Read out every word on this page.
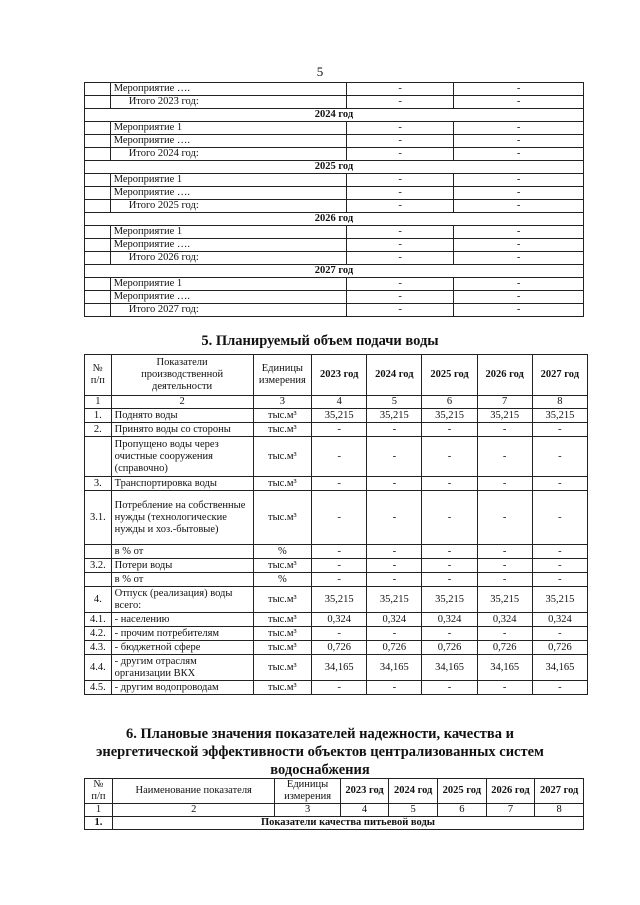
5
	Мероприятие ….	-	-
	Итого 2023 год:	-	-
2024 год			
	Мероприятие 1	-	-
	Мероприятие ….	-	-
	Итого 2024 год:	-	-
2025 год			
	Мероприятие 1	-	-
	Мероприятие ….	-	-
	Итого 2025 год:	-	-
2026 год			
	Мероприятие 1	-	-
	Мероприятие ….	-	-
	Итого 2026 год:	-	-
2027 год			
	Мероприятие 1	-	-
	Мероприятие ….	-	-
	Итого 2027 год:	-	-
5. Планируемый объем подачи воды
№ п/п	Показатели производственной деятельности	Единицы измерения	2023 год	2024 год	2025 год	2026 год	2027 год
1	2	3	4	5	6	7	8
1.	Поднято воды	тыс.м³	35,215	35,215	35,215	35,215	35,215
2.	Принято воды со стороны	тыс.м³	-	-	-	-	-
	Пропущено воды через очистные сооружения (справочно)	тыс.м³	-	-	-	-	-
3.	Транспортировка воды	тыс.м³	-	-	-	-	-
3.1.	Потребление на собственные нужды (технологические нужды и хоз.-бытовые)	тыс.м³	-	-	-	-	-
	в % от	%	-	-	-	-	-
3.2.	Потери воды	тыс.м³	-	-	-	-	-
	в % от	%	-	-	-	-	-
4.	Отпуск (реализация) воды всего:	тыс.м³	35,215	35,215	35,215	35,215	35,215
4.1.	- населению	тыс.м³	0,324	0,324	0,324	0,324	0,324
4.2.	- прочим потребителям	тыс.м³	-	-	-	-	-
4.3.	- бюджетной сфере	тыс.м³	0,726	0,726	0,726	0,726	0,726
4.4.	- другим отраслям организации ВКХ	тыс.м³	34,165	34,165	34,165	34,165	34,165
4.5.	- другим водопроводам	тыс.м³	-	-	-	-	-
6. Плановые значения показателей надежности, качества и
энергетической эффективности объектов централизованных систем
водоснабжения
№ п/п	Наименование показателя	Единицы измерения	2023 год	2024 год	2025 год	2026 год	2027 год
1	2	3	4	5	6	7	8
1.	Показатели качества питьевой воды						
